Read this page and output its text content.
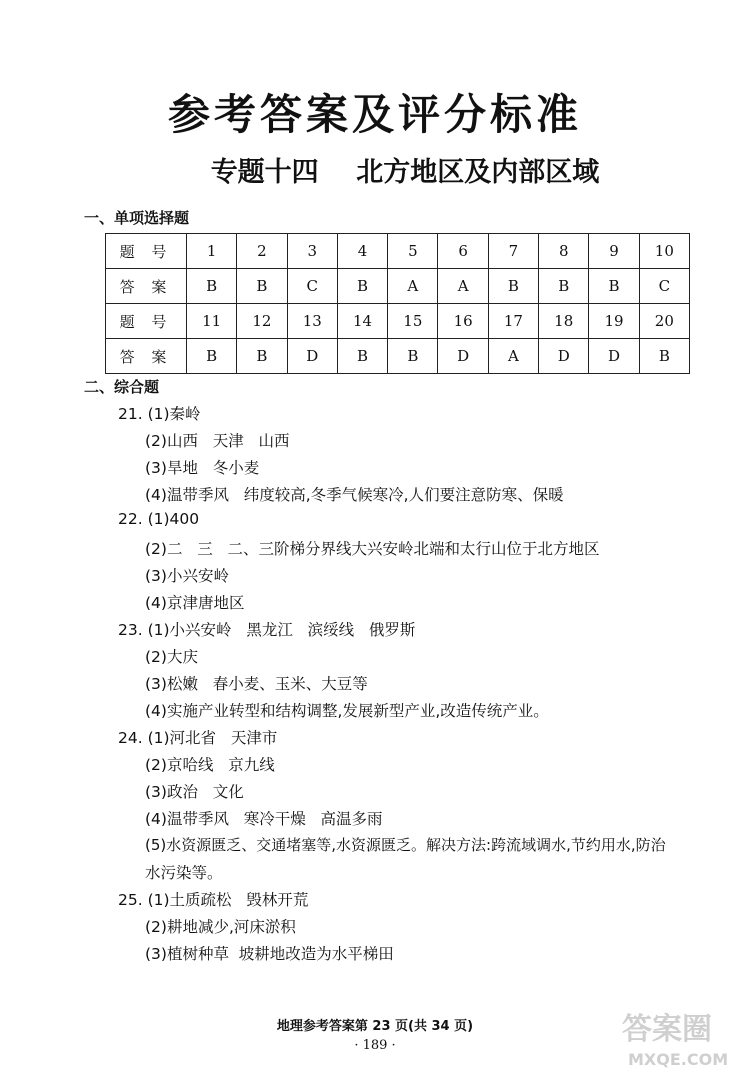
参考答案及评分标准
专题十四    北方地区及内部区域
一、单项选择题
题 号	1	2	3	4	5	6	7	8	9	10
答 案	B	B	C	B	A	A	B	B	B	C
题 号	11	12	13	14	15	16	17	18	19	20
答 案	B	B	D	B	B	D	A	D	D	B
二、综合题
21. (1)秦岭
(2)山西   天津   山西
(3)旱地   冬小麦
(4)温带季风   纬度较高,冬季气候寒冷,人们要注意防寒、保暖
22. (1)400
(2)二   三   二、三阶梯分界线大兴安岭北端和太行山位于北方地区
(3)小兴安岭
(4)京津唐地区
23. (1)小兴安岭   黑龙江   滨绥线   俄罗斯
(2)大庆
(3)松嫩   春小麦、玉米、大豆等
(4)实施产业转型和结构调整,发展新型产业,改造传统产业。
24. (1)河北省   天津市
(2)京哈线   京九线
(3)政治   文化
(4)温带季风   寒冷干燥   高温多雨
(5)水资源匮乏、交通堵塞等,水资源匮乏。解决方法:跨流域调水,节约用水,防治
水污染等。
25. (1)土质疏松   毁林开荒
(2)耕地减少,河床淤积
(3)植树种草  坡耕地改造为水平梯田
地理参考答案第 23 页(共 34 页)
· 189 ·	答案圈
MXQE.COM
